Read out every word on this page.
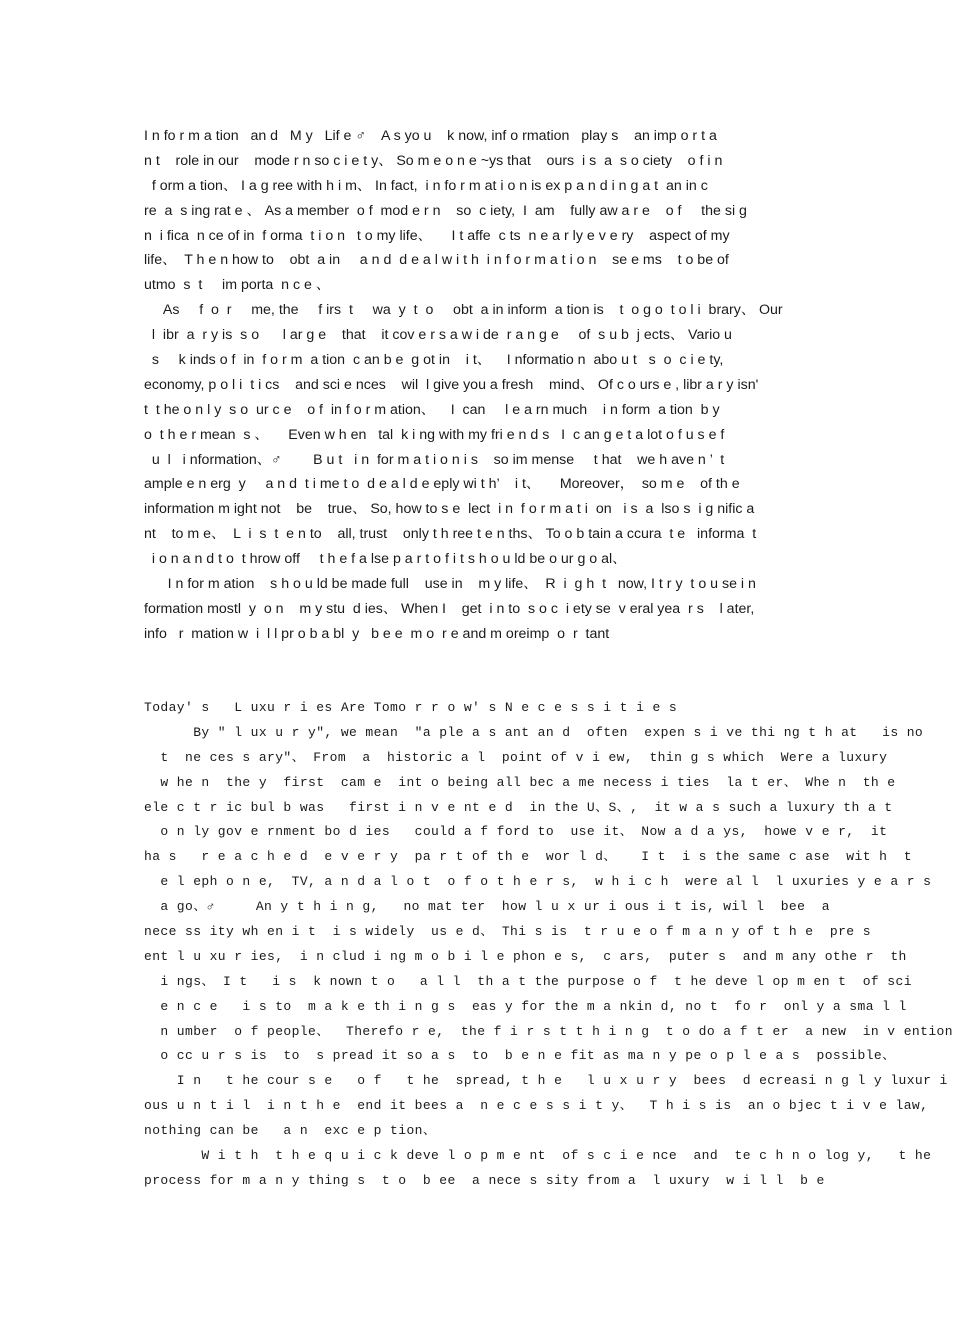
I n fo r m a tion   an d   M y   Lif e ♂    A s yo u    k now, inf o rmation   play s    an imp o r t a
n t    role in our    mode r n so c i e t y、 So m e o n e ~ys that    ours  i s  a  s o ciety    o f i n
f orm a tion、 I a g ree with h i m、 In fact,  i n fo r m at i o n is ex p a n d i n g a t  an in c
re  a  s ing rat e 、 As a member  o f  mod e r n    so  c iety,  I  am    fully aw a r e    o f     the si g
n  i fica  n ce of in  f orma  t i o n   t o my life、     I t affe  c ts  n e a r ly e v e ry    aspect of my
life、  T h e n how to    obt  a in     a n d  d e a l w i t h  i n f o r m a t i o n    se e ms    t o be of
utmo  s  t     im porta  n c e 、
As     f  o  r     me, the     f irs  t     wa  y  t  o     obt  a in inform  a tion is    t  o g o  t o l i  brary、 Our
l  ibr  a  r y is  s o      l ar g e    that    it cov e r s a w i de  r a n g e     of  s u b  j ects、 Vario u
s     k inds o f  in  f o r m  a tion  c an b e  g ot in    i t、    I nformatio n  abo u t   s  o  c i e ty,
economy, p o l i  t i cs    and sci e nces    wil  l give you a fresh    mind、 Of c o urs e , libr a r y isn'
t  t he o n l y  s o  ur c e    o f  in f o r m ation、    I  can     l e a rn much    i n form  a tion  b y
o  t h e r mean  s 、     Even w h en   tal  k i ng with my fri e n d s   I  c an g e t a lot o f u s e f
u  l   i nformation、♂        B u t   i n  for m a t i o n i s    so im mense     t hat    we h ave n ’  t
ample e n erg  y     a n d  t i me t o  d e a l d e eply wi t h’    i t、     Moreover，  so m e    of th e
information m ight not    be    true、 So, how to s e  lect  i n  f o r m a t i  on   i s  a  lso s  i g nific a
nt    to m e、  L  i  s  t  e n to    all, trust    only t h ree t e n ths、 To o b tain a ccura  t e   informa  t
i o n a n d t o  t hrow off     t h e f a lse p a r t o f i t s h o u ld be o ur g o al、
I n for m ation    s h o u ld be made full    use in    m y life、  R  i  g h  t   now, I t r y  t o u se i n
formation mostl  y  o n    m y stu  d ies、 When I    get  i n to  s o c  i ety se  v eral yea  r s    l ater,
info   r  mation w  i  l l pr o b a bl  y   b e e  m o  r e and m oreimp  o  r  tant
Today' s   L uxu r i es Are Tomo r r o w' s N e c e s s i t i e s
By " l ux u r y", we mean  "a ple a s ant an d  often  expen s i ve thi ng t h at   is no
t  ne ces s ary"、 From  a  historic a l  point of v i ew,  thin g s which  Were a luxury
w he n  the y  first  cam e  int o being all bec a me necess i ties  la t er、 Whe n  th e
ele c t r ic bul b was   first i n v e nt e d  in the U、S、,  it w a s such a luxury th a t
o n ly gov e rnment bo d ies   could a f ford to  use it、 Now a d a ys,  howe v e r,  it
ha s   r e a c h e d  e v e r y  pa r t of th e  wor l d、   I t  i s the same c ase  wit h  t
e l eph o n e,  TV, a n d a l o t  o f o t h e r s,  w h i c h  were al l  l uxuries y e a r s
a go、♂     An y t h i n g,   no mat ter  how l u x ur i ous i t is, wil l  bee  a
nece ss ity wh en i t  i s widely  us e d、 Thi s is  t r u e o f m a n y of t h e  pre s
ent l u xu r ies,  i n clud i ng m o b i l e phon e s,  c ars,  puter s  and m any othe r  th
i ngs、 I t   i s  k nown t o   a l l  th a t the purpose o f  t he deve l op m en t  of sci
e n c e   i s to  m a k e th i n g s  eas y for the m a nkin d, no t  fo r  onl y a sma l l
n umber  o f people、  Therefo r e,  the f i r s t t h i n g  t o do a f t er  a new  in v ention
o cc u r s is  to  s pread it so a s  to  b e n e fit as ma n y pe o p l e a s  possible、
I n   t he cour s e   o f   t he  spread, t h e   l u x u r y  bees  d ecreasi n g l y luxur i
ous u n t i l  i n t h e  end it bees a  n e c e s s i t y、  T h i s is  an o bjec t i v e law,
nothing can be   a n  exc e p tion、
W i t h  t h e q u i c k deve l o p m e nt  of s c i e nce  and  te c h n o log y,   t he
process for m a n y thing s  t o  b ee  a nece s sity from a  l uxury  w i l l  b e
